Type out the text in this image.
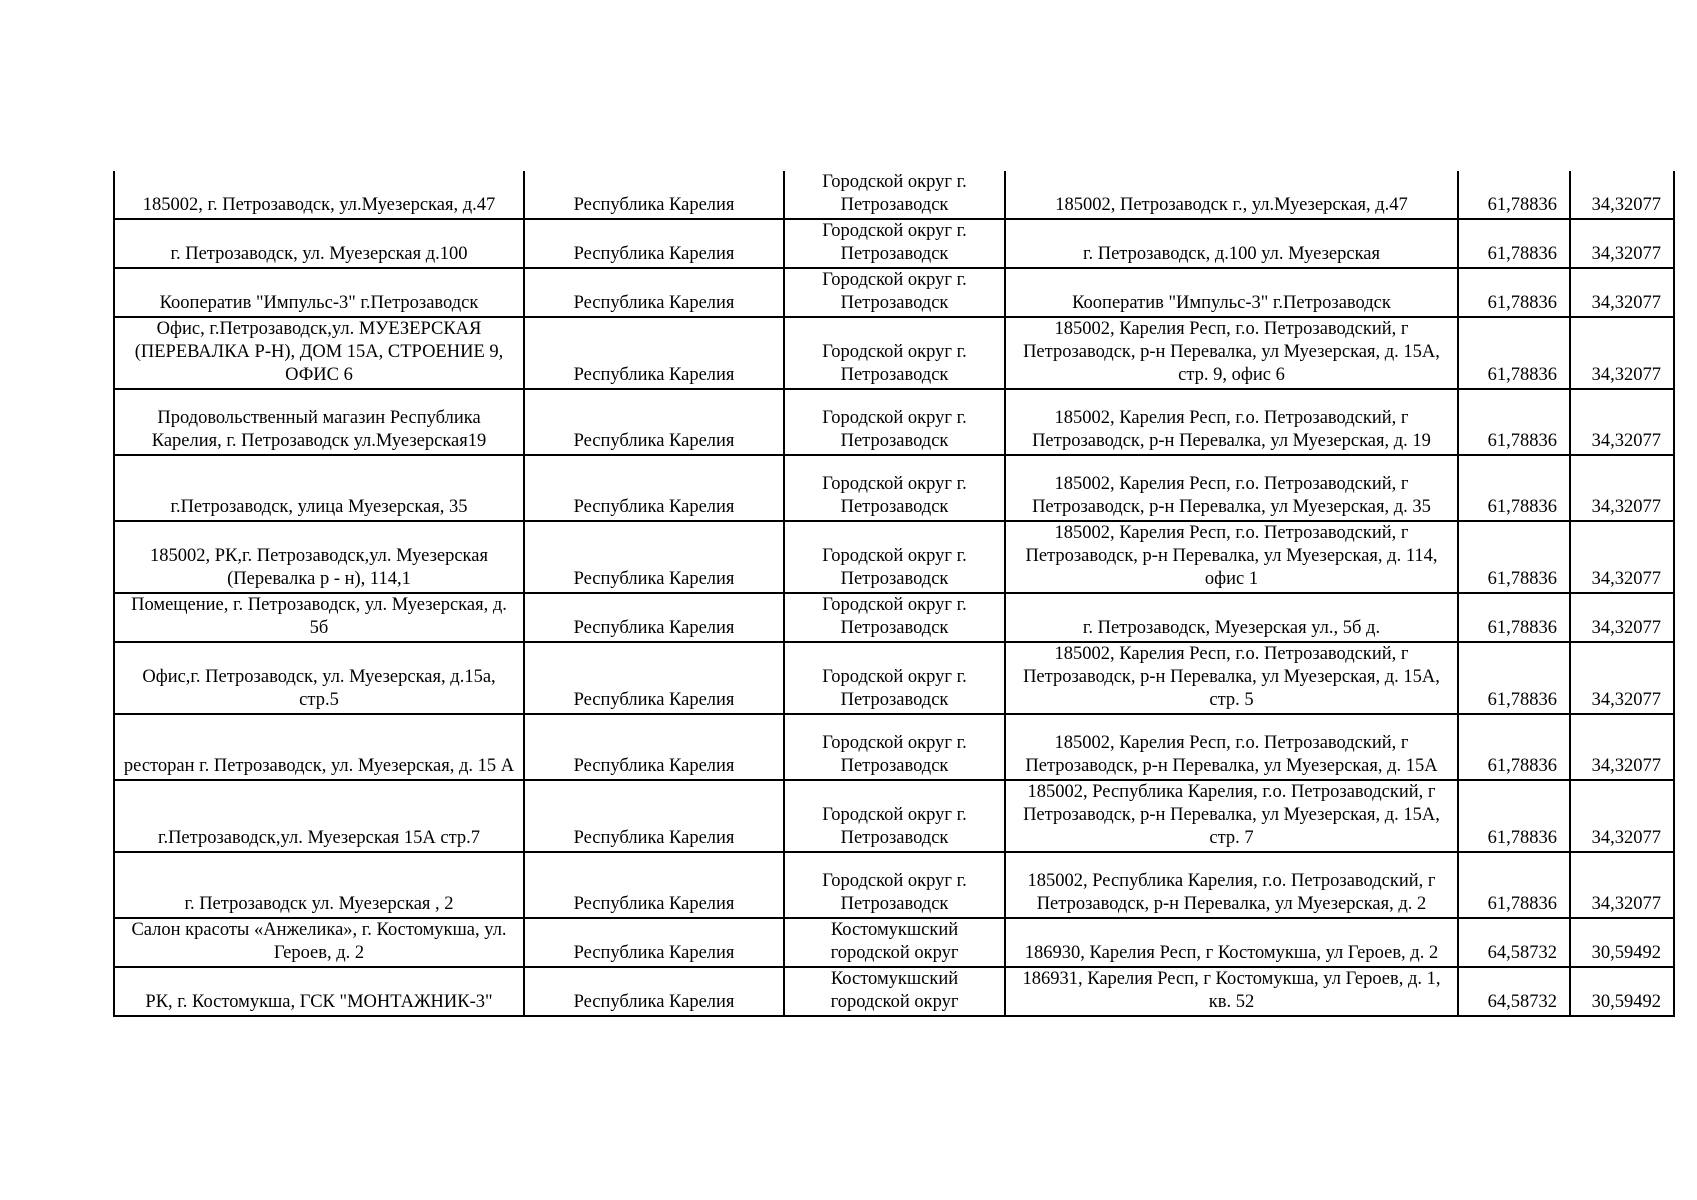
185002, г. Петрозаводск, ул.Муезерская, д.47	Республика Карелия	Городской округ г. Петрозаводск	185002, Петрозаводск г., ул.Муезерская, д.47	61,78836	34,32077
г. Петрозаводск, ул. Муезерская д.100	Республика Карелия	Городской округ г. Петрозаводск	г. Петрозаводск, д.100 ул. Муезерская	61,78836	34,32077
Кооператив "Импульс-3" г.Петрозаводск	Республика Карелия	Городской округ г. Петрозаводск	Кооператив "Импульс-3" г.Петрозаводск	61,78836	34,32077
Офис, г.Петрозаводск,ул. МУЕЗЕРСКАЯ (ПЕРЕВАЛКА Р-Н), ДОМ 15А, СТРОЕНИЕ 9, ОФИС 6	Республика Карелия	Городской округ г. Петрозаводск	185002, Карелия Респ, г.о. Петрозаводский, г Петрозаводск, р-н Перевалка, ул Муезерская, д. 15А, стр. 9, офис 6	61,78836	34,32077
Продовольственный магазин Республика Карелия, г. Петрозаводск ул.Муезерская19	Республика Карелия	Городской округ г. Петрозаводск	185002, Карелия Респ, г.о. Петрозаводский, г Петрозаводск, р-н Перевалка, ул Муезерская, д. 19	61,78836	34,32077
г.Петрозаводск, улица Муезерская, 35	Республика Карелия	Городской округ г. Петрозаводск	185002, Карелия Респ, г.о. Петрозаводский, г Петрозаводск, р-н Перевалка, ул Муезерская, д. 35	61,78836	34,32077
185002, РК,г. Петрозаводск,ул. Муезерская (Перевалка р - н), 114,1	Республика Карелия	Городской округ г. Петрозаводск	185002, Карелия Респ, г.о. Петрозаводский, г Петрозаводск, р-н Перевалка, ул Муезерская, д. 114, офис 1	61,78836	34,32077
Помещение, г. Петрозаводск, ул. Муезерская, д. 5б	Республика Карелия	Городской округ г. Петрозаводск	г. Петрозаводск, Муезерская ул., 5б д.	61,78836	34,32077
Офис,г. Петрозаводск, ул. Муезерская, д.15а, стр.5	Республика Карелия	Городской округ г. Петрозаводск	185002, Карелия Респ, г.о. Петрозаводский, г Петрозаводск, р-н Перевалка, ул Муезерская, д. 15А, стр. 5	61,78836	34,32077
ресторан г. Петрозаводск, ул. Муезерская, д. 15 А	Республика Карелия	Городской округ г. Петрозаводск	185002, Карелия Респ, г.о. Петрозаводский, г Петрозаводск, р-н Перевалка, ул Муезерская, д. 15А	61,78836	34,32077
г.Петрозаводск,ул. Муезерская 15А стр.7	Республика Карелия	Городской округ г. Петрозаводск	185002, Республика Карелия, г.о. Петрозаводский, г Петрозаводск, р-н Перевалка, ул Муезерская, д. 15А, стр. 7	61,78836	34,32077
г. Петрозаводск ул. Муезерская , 2	Республика Карелия	Городской округ г. Петрозаводск	185002, Республика Карелия, г.о. Петрозаводский, г Петрозаводск, р-н Перевалка, ул Муезерская, д. 2	61,78836	34,32077
Салон красоты «Анжелика», г. Костомукша, ул. Героев, д. 2	Республика Карелия	Костомукшский городской округ	186930, Карелия Респ, г Костомукша, ул Героев, д. 2	64,58732	30,59492
РК, г. Костомукша, ГСК "МОНТАЖНИК-3"	Республика Карелия	Костомукшский городской округ	186931, Карелия Респ, г Костомукша, ул Героев, д. 1, кв. 52	64,58732	30,59492
